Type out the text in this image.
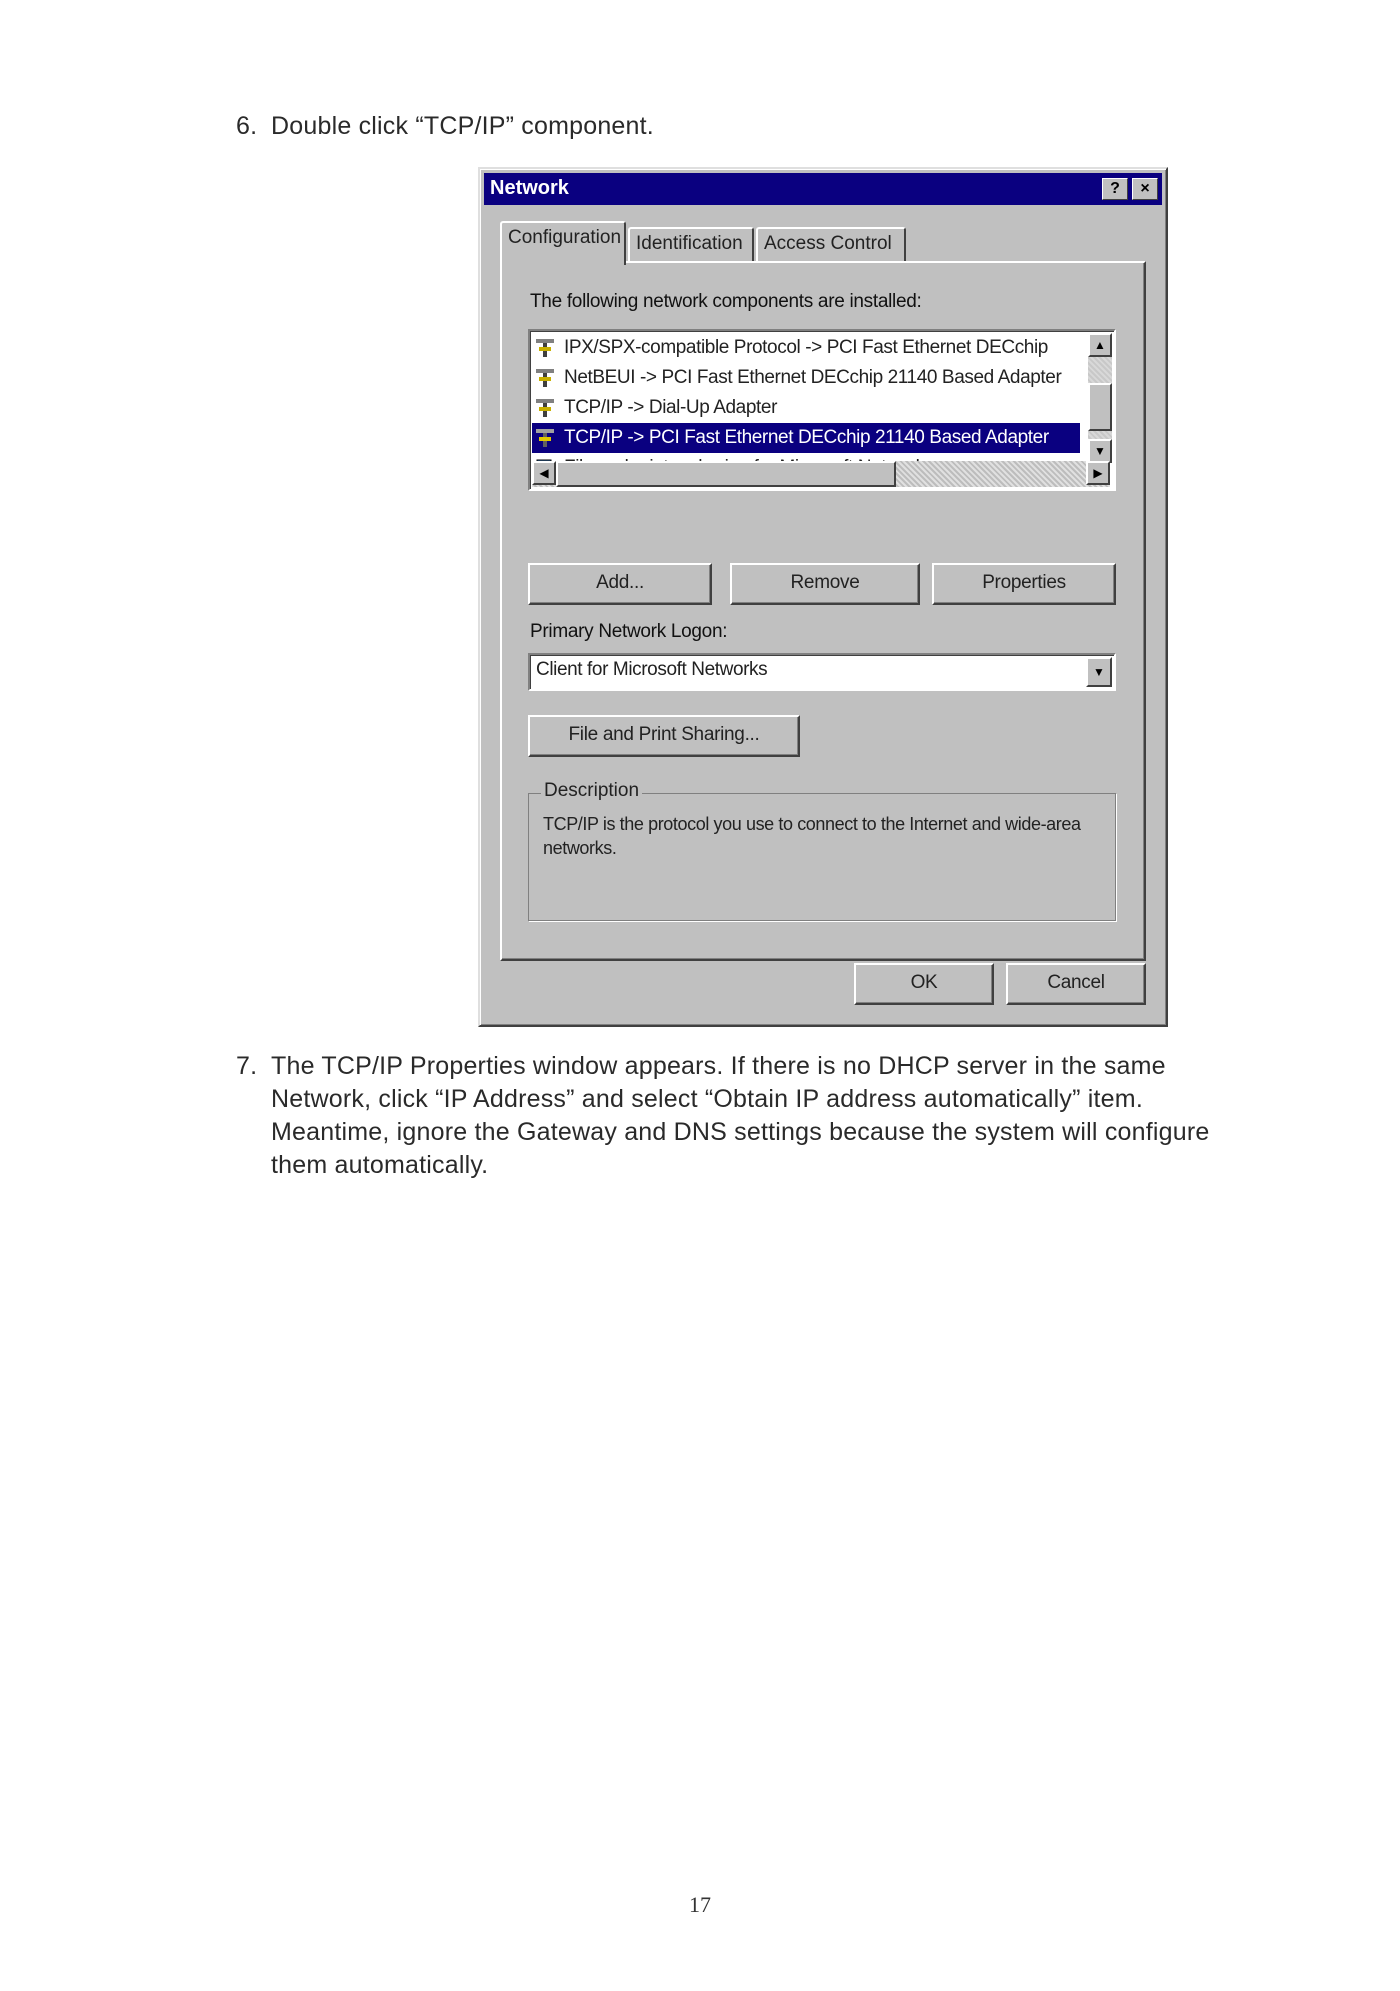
6. Double click “TCP/IP” component.
Network	?	×
Configuration Identification	Access Control
The following network components are installed:
IPX/SPX-compatible Protocol -> PCI Fast Ethernet DECchip
NetBEUI -> PCI Fast Ethernet DECchip 21140 Based Adapter
TCP/IP -> Dial-Up Adapter
TCP/IP -> PCI Fast Ethernet DECchip 21140 Based Adapter
▲
▼
◀	▶
Add...	Remove	Properties
Primary Network Logon:
Client for Microsoft Networks	▼
File and Print Sharing...
Description
TCP/IP is the protocol you use to connect to the Internet and wide-area networks.
OK	Cancel
7. The TCP/IP Properties window appears. If there is no DHCP server in the same Network, click “IP Address” and select “Obtain IP address automatically” item. Meantime, ignore the Gateway and DNS settings because the system will configure them automatically.
17
